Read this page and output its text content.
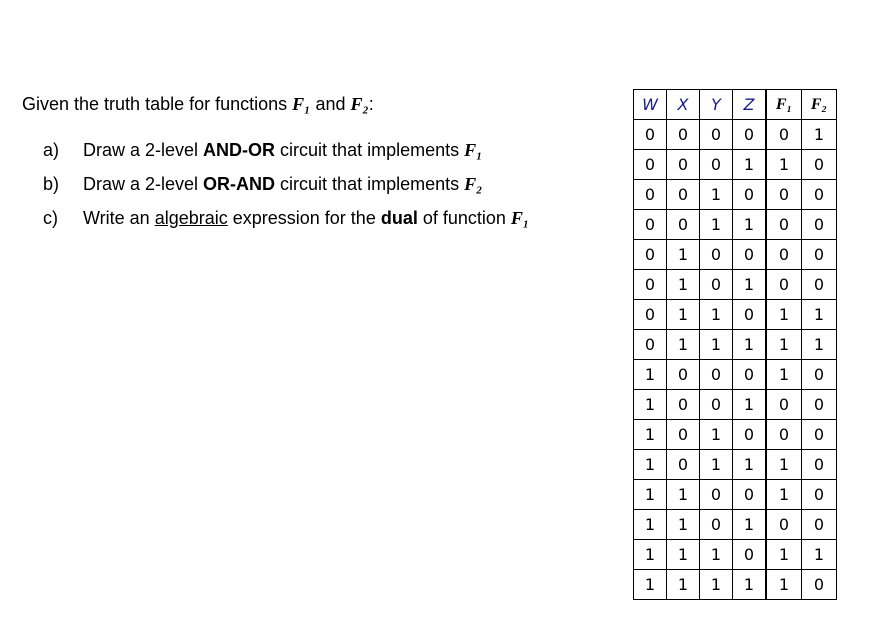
Given the truth table for functions F₁ and F₂:
a) Draw a 2-level AND-OR circuit that implements F₁
b) Draw a 2-level OR-AND circuit that implements F₂
c) Write an algebraic expression for the dual of function F₁
W	X	Y	Z	F₁	F₂
0	0	0	0	0	1
0	0	0	1	1	0
0	0	1	0	0	0
0	0	1	1	0	0
0	1	0	0	0	0
0	1	0	1	0	0
0	1	1	0	1	1
0	1	1	1	1	1
1	0	0	0	1	0
1	0	0	1	0	0
1	0	1	0	0	0
1	0	1	1	1	0
1	1	0	0	1	0
1	1	0	1	0	0
1	1	1	0	1	1
1	1	1	1	1	0
